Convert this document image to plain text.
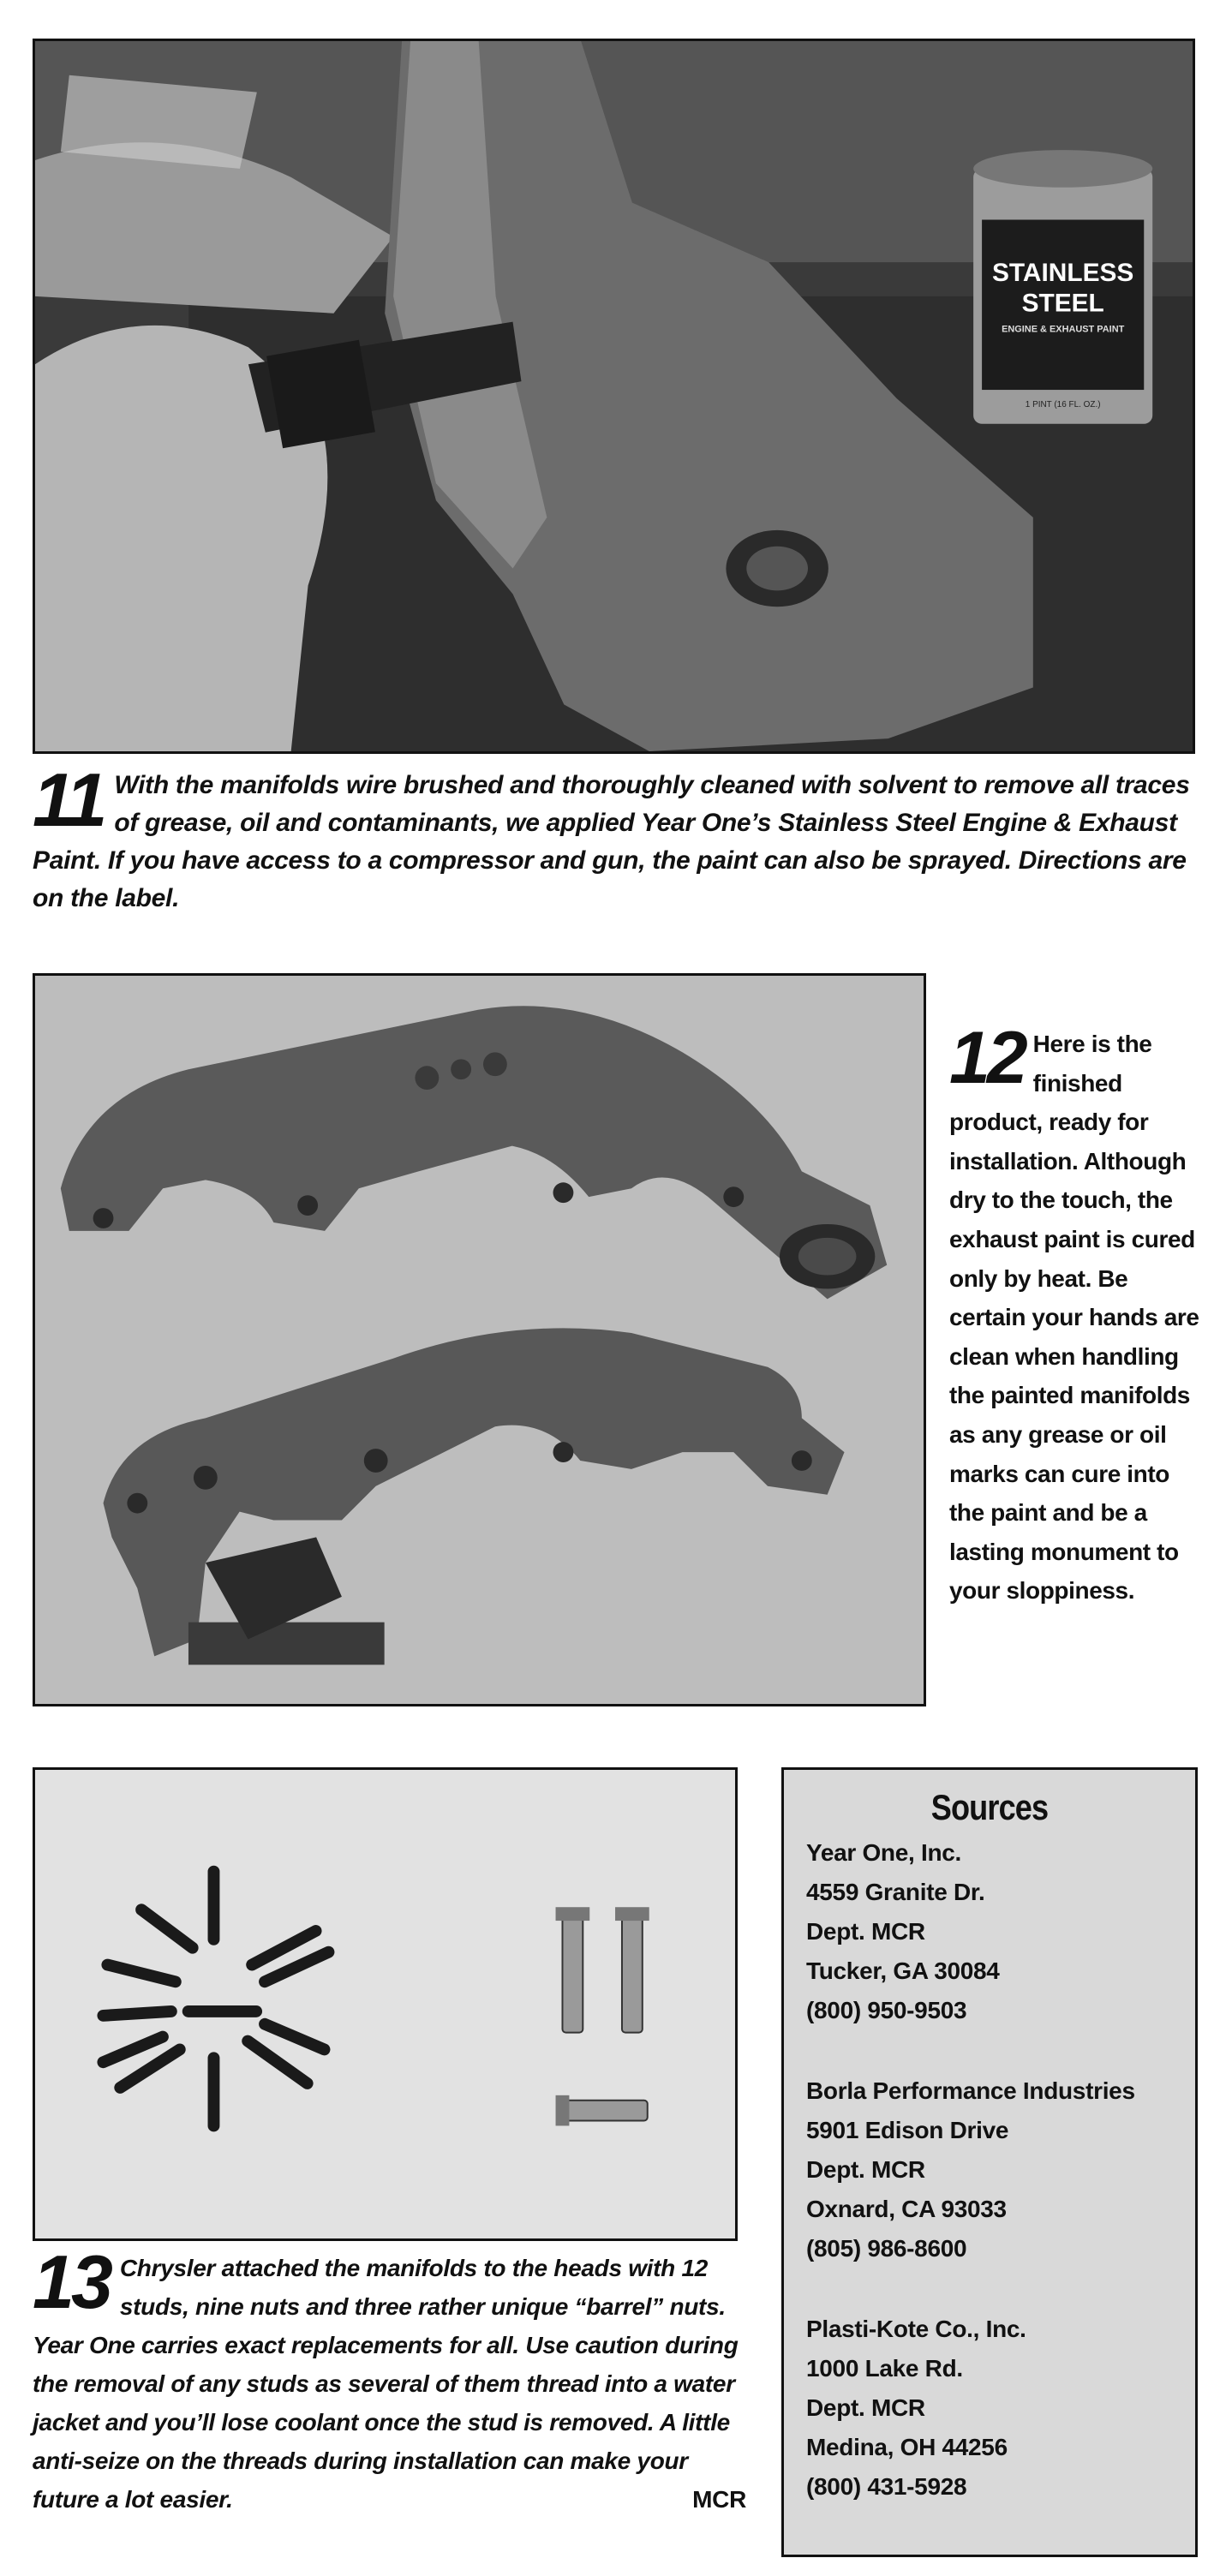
STAINLESS
STEEL
ENGINE & EXHAUST PAINT
1 PINT (16 FL. OZ.)
11 With the manifolds wire brushed and thoroughly cleaned with solvent to remove all traces of grease, oil and contaminants, we applied Year One’s Stainless Steel Engine & Exhaust Paint. If you have access to a compressor and gun, the paint can also be sprayed. Directions are on the label.
12 Here is the finished product, ready for installation. Although dry to the touch, the exhaust paint is cured only by heat. Be certain your hands are clean when handling the painted manifolds as any grease or oil marks can cure into the paint and be a lasting monument to your sloppiness.
13 Chrysler attached the manifolds to the heads with 12 studs, nine nuts and three rather unique “barrel” nuts. Year One carries exact replacements for all. Use caution during the removal of any studs as several of them thread into a water jacket and you’ll lose coolant once the stud is removed. A little anti-seize on the threads during installation can make your future a lot easier.	MCR
Sources
Year One, Inc.
4559 Granite Dr.
Dept. MCR
Tucker, GA 30084
(800) 950-9503
Borla Performance Industries
5901 Edison Drive
Dept. MCR
Oxnard, CA 93033
(805) 986-8600
Plasti-Kote Co., Inc.
1000 Lake Rd.
Dept. MCR
Medina, OH 44256
(800) 431-5928
